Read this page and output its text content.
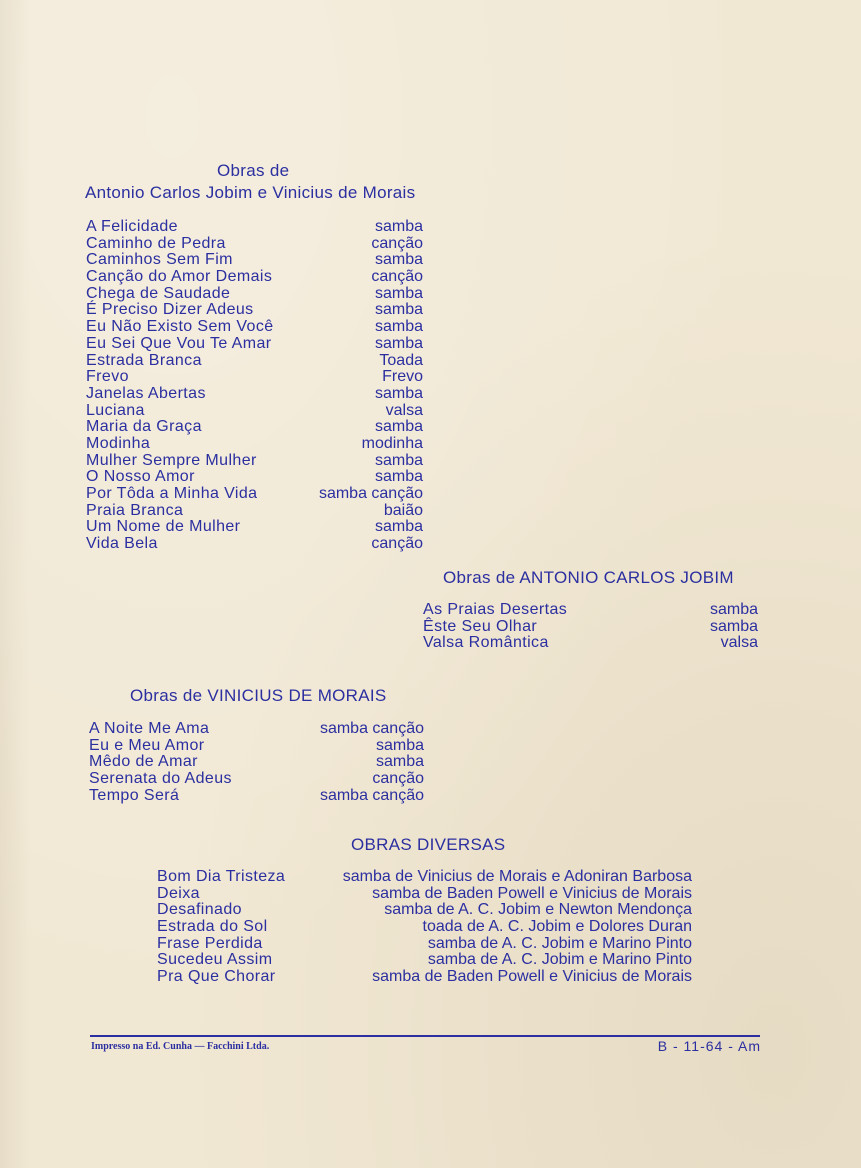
Obras de
Antonio Carlos Jobim e Vinicius de Morais
A Felicidade	samba
Caminho de Pedra	canção
Caminhos Sem Fim	samba
Canção do Amor Demais	canção
Chega de Saudade	samba
É Preciso Dizer Adeus	samba
Eu Não Existo Sem Você	samba
Eu Sei Que Vou Te Amar	samba
Estrada Branca	Toada
Frevo	Frevo
Janelas Abertas	samba
Luciana	valsa
Maria da Graça	samba
Modinha	modinha
Mulher Sempre Mulher	samba
O Nosso Amor	samba
Por Tôda a Minha Vida	samba canção
Praia Branca	baião
Um Nome de Mulher	samba
Vida Bela	canção
Obras de ANTONIO CARLOS JOBIM
As Praias Desertas	samba
Êste Seu Olhar	samba
Valsa Romântica	valsa
Obras de VINICIUS DE MORAIS
A Noite Me Ama	samba canção
Eu e Meu Amor	samba
Mêdo de Amar	samba
Serenata do Adeus	canção
Tempo Será	samba canção
OBRAS DIVERSAS
Bom Dia Tristeza	samba de Vinicius de Morais e Adoniran Barbosa
Deixa	samba de Baden Powell e Vinicius de Morais
Desafinado	samba de A. C. Jobim e Newton Mendonça
Estrada do Sol	toada de A. C. Jobim e Dolores Duran
Frase Perdida	samba de A. C. Jobim e Marino Pinto
Sucedeu Assim	samba de A. C. Jobim e Marino Pinto
Pra Que Chorar	samba de Baden Powell e Vinicius de Morais
Impresso na Ed. Cunha — Facchini Ltda.	B - 11-64 - Am
